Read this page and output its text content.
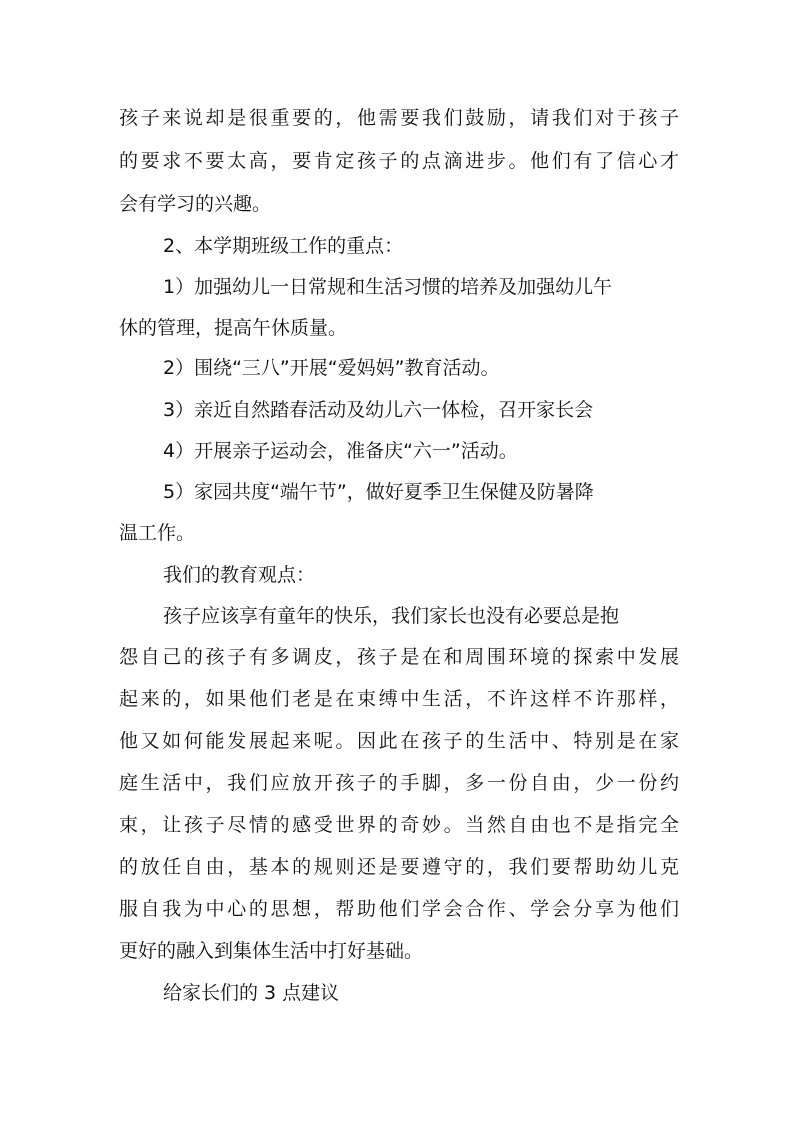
孩子来说却是很重要的，他需要我们鼓励，请我们对于孩子

的要求不要太高，要肯定孩子的点滴进步。他们有了信心才

会有学习的兴趣。

2、本学期班级工作的重点：

1）加强幼儿一日常规和生活习惯的培养及加强幼儿午

休的管理，提高午休质量。

2）围绕“三八”开展“爱妈妈”教育活动。

3）亲近自然踏春活动及幼儿六一体检，召开家长会

4）开展亲子运动会，准备庆“六一”活动。

5）家园共度“端午节”，做好夏季卫生保健及防暑降

温工作。

我们的教育观点：

孩子应该享有童年的快乐，我们家长也没有必要总是抱

怨自己的孩子有多调皮，孩子是在和周围环境的探索中发展

起来的，如果他们老是在束缚中生活，不许这样不许那样，

他又如何能发展起来呢。因此在孩子的生活中、特别是在家

庭生活中，我们应放开孩子的手脚，多一份自由，少一份约

束，让孩子尽情的感受世界的奇妙。当然自由也不是指完全

的放任自由，基本的规则还是要遵守的，我们要帮助幼儿克

服自我为中心的思想，帮助他们学会合作、学会分享为他们

更好的融入到集体生活中打好基础。

给家长们的 3 点建议
